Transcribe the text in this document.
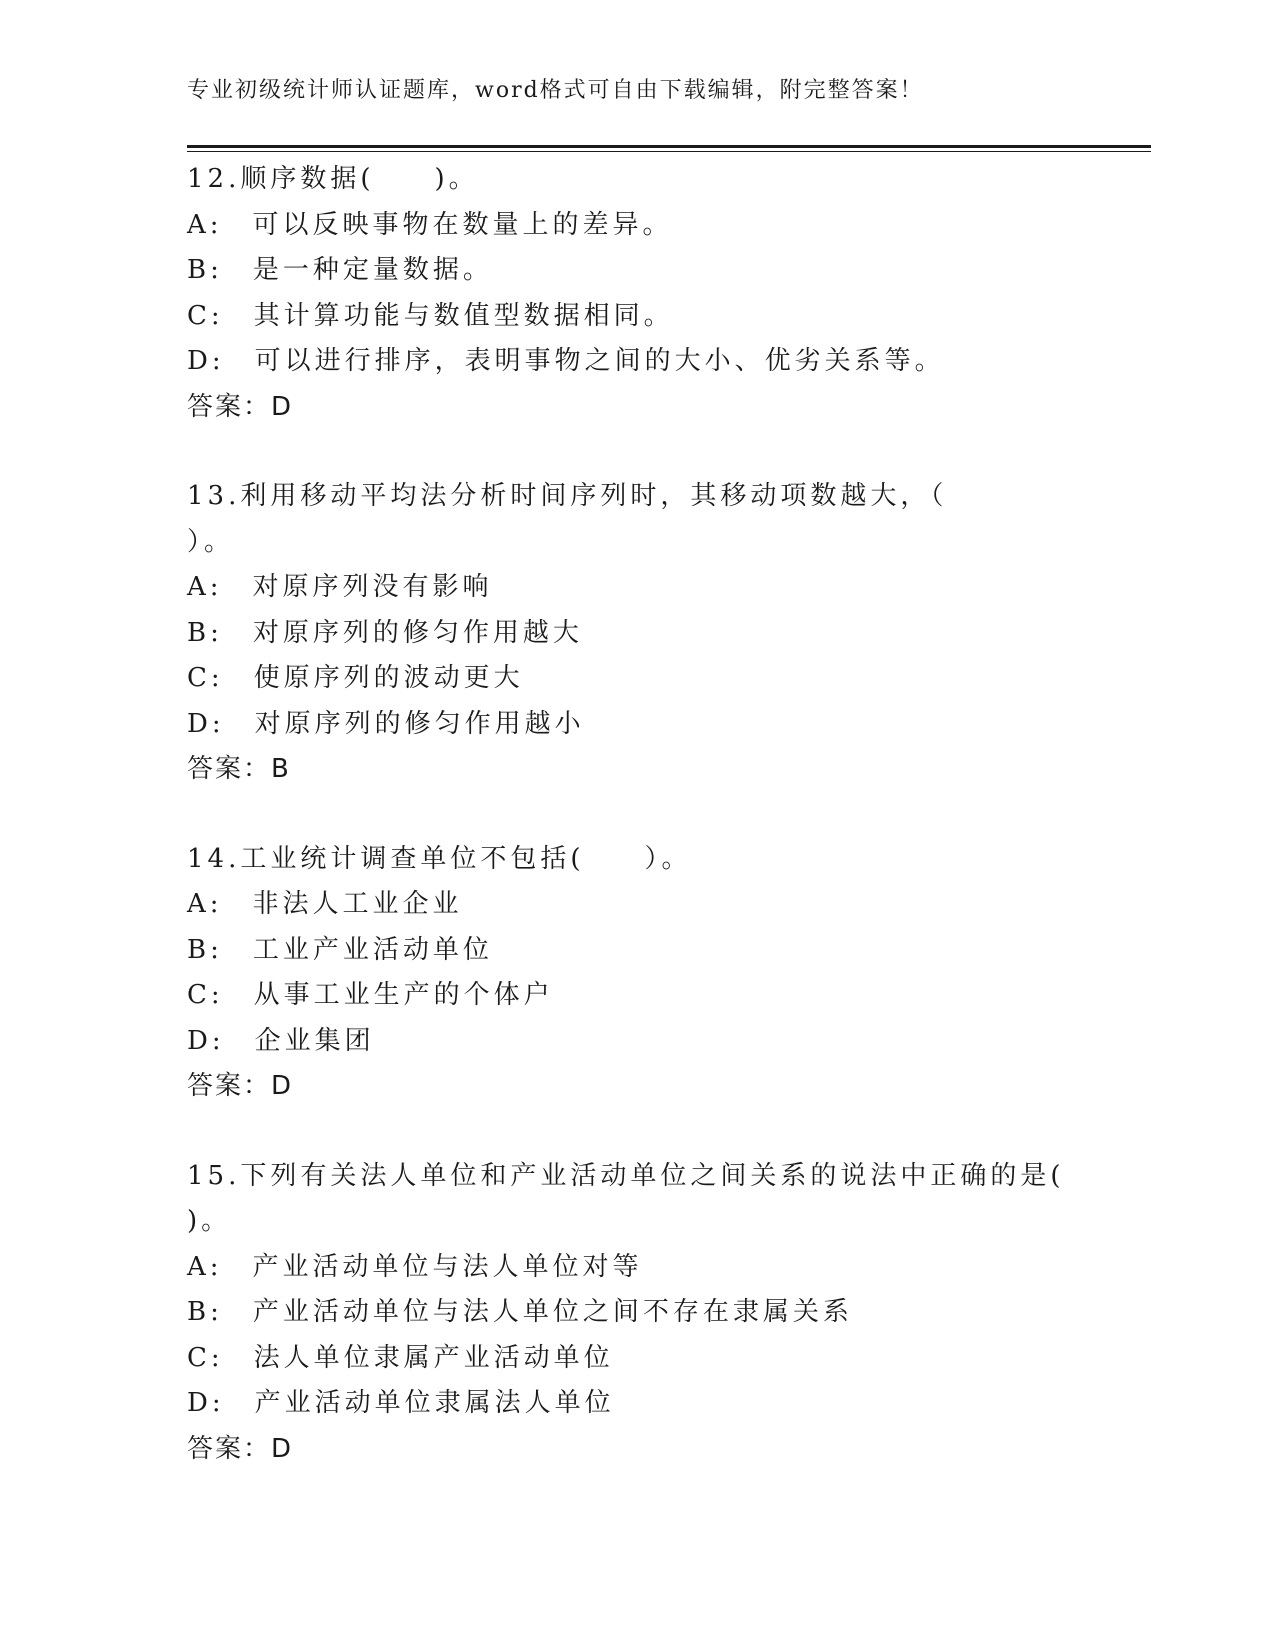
专业初级统计师认证题库，word格式可自由下载编辑，附完整答案！
12.顺序数据(　　)。
A:　可以反映事物在数量上的差异。
B:　是一种定量数据。
C:　其计算功能与数值型数据相同。
D:　可以进行排序，表明事物之间的大小、优劣关系等。
答案：D
13.利用移动平均法分析时间序列时，其移动项数越大，（
）。
A:　对原序列没有影响
B:　对原序列的修匀作用越大
C:　使原序列的波动更大
D:　对原序列的修匀作用越小
答案：B
14.工业统计调查单位不包括(　　）。
A:　非法人工业企业
B:　工业产业活动单位
C:　从事工业生产的个体户
D:　企业集团
答案：D
15.下列有关法人单位和产业活动单位之间关系的说法中正确的是(
)。
A:　产业活动单位与法人单位对等
B:　产业活动单位与法人单位之间不存在隶属关系
C:　法人单位隶属产业活动单位
D:　产业活动单位隶属法人单位
答案：D
